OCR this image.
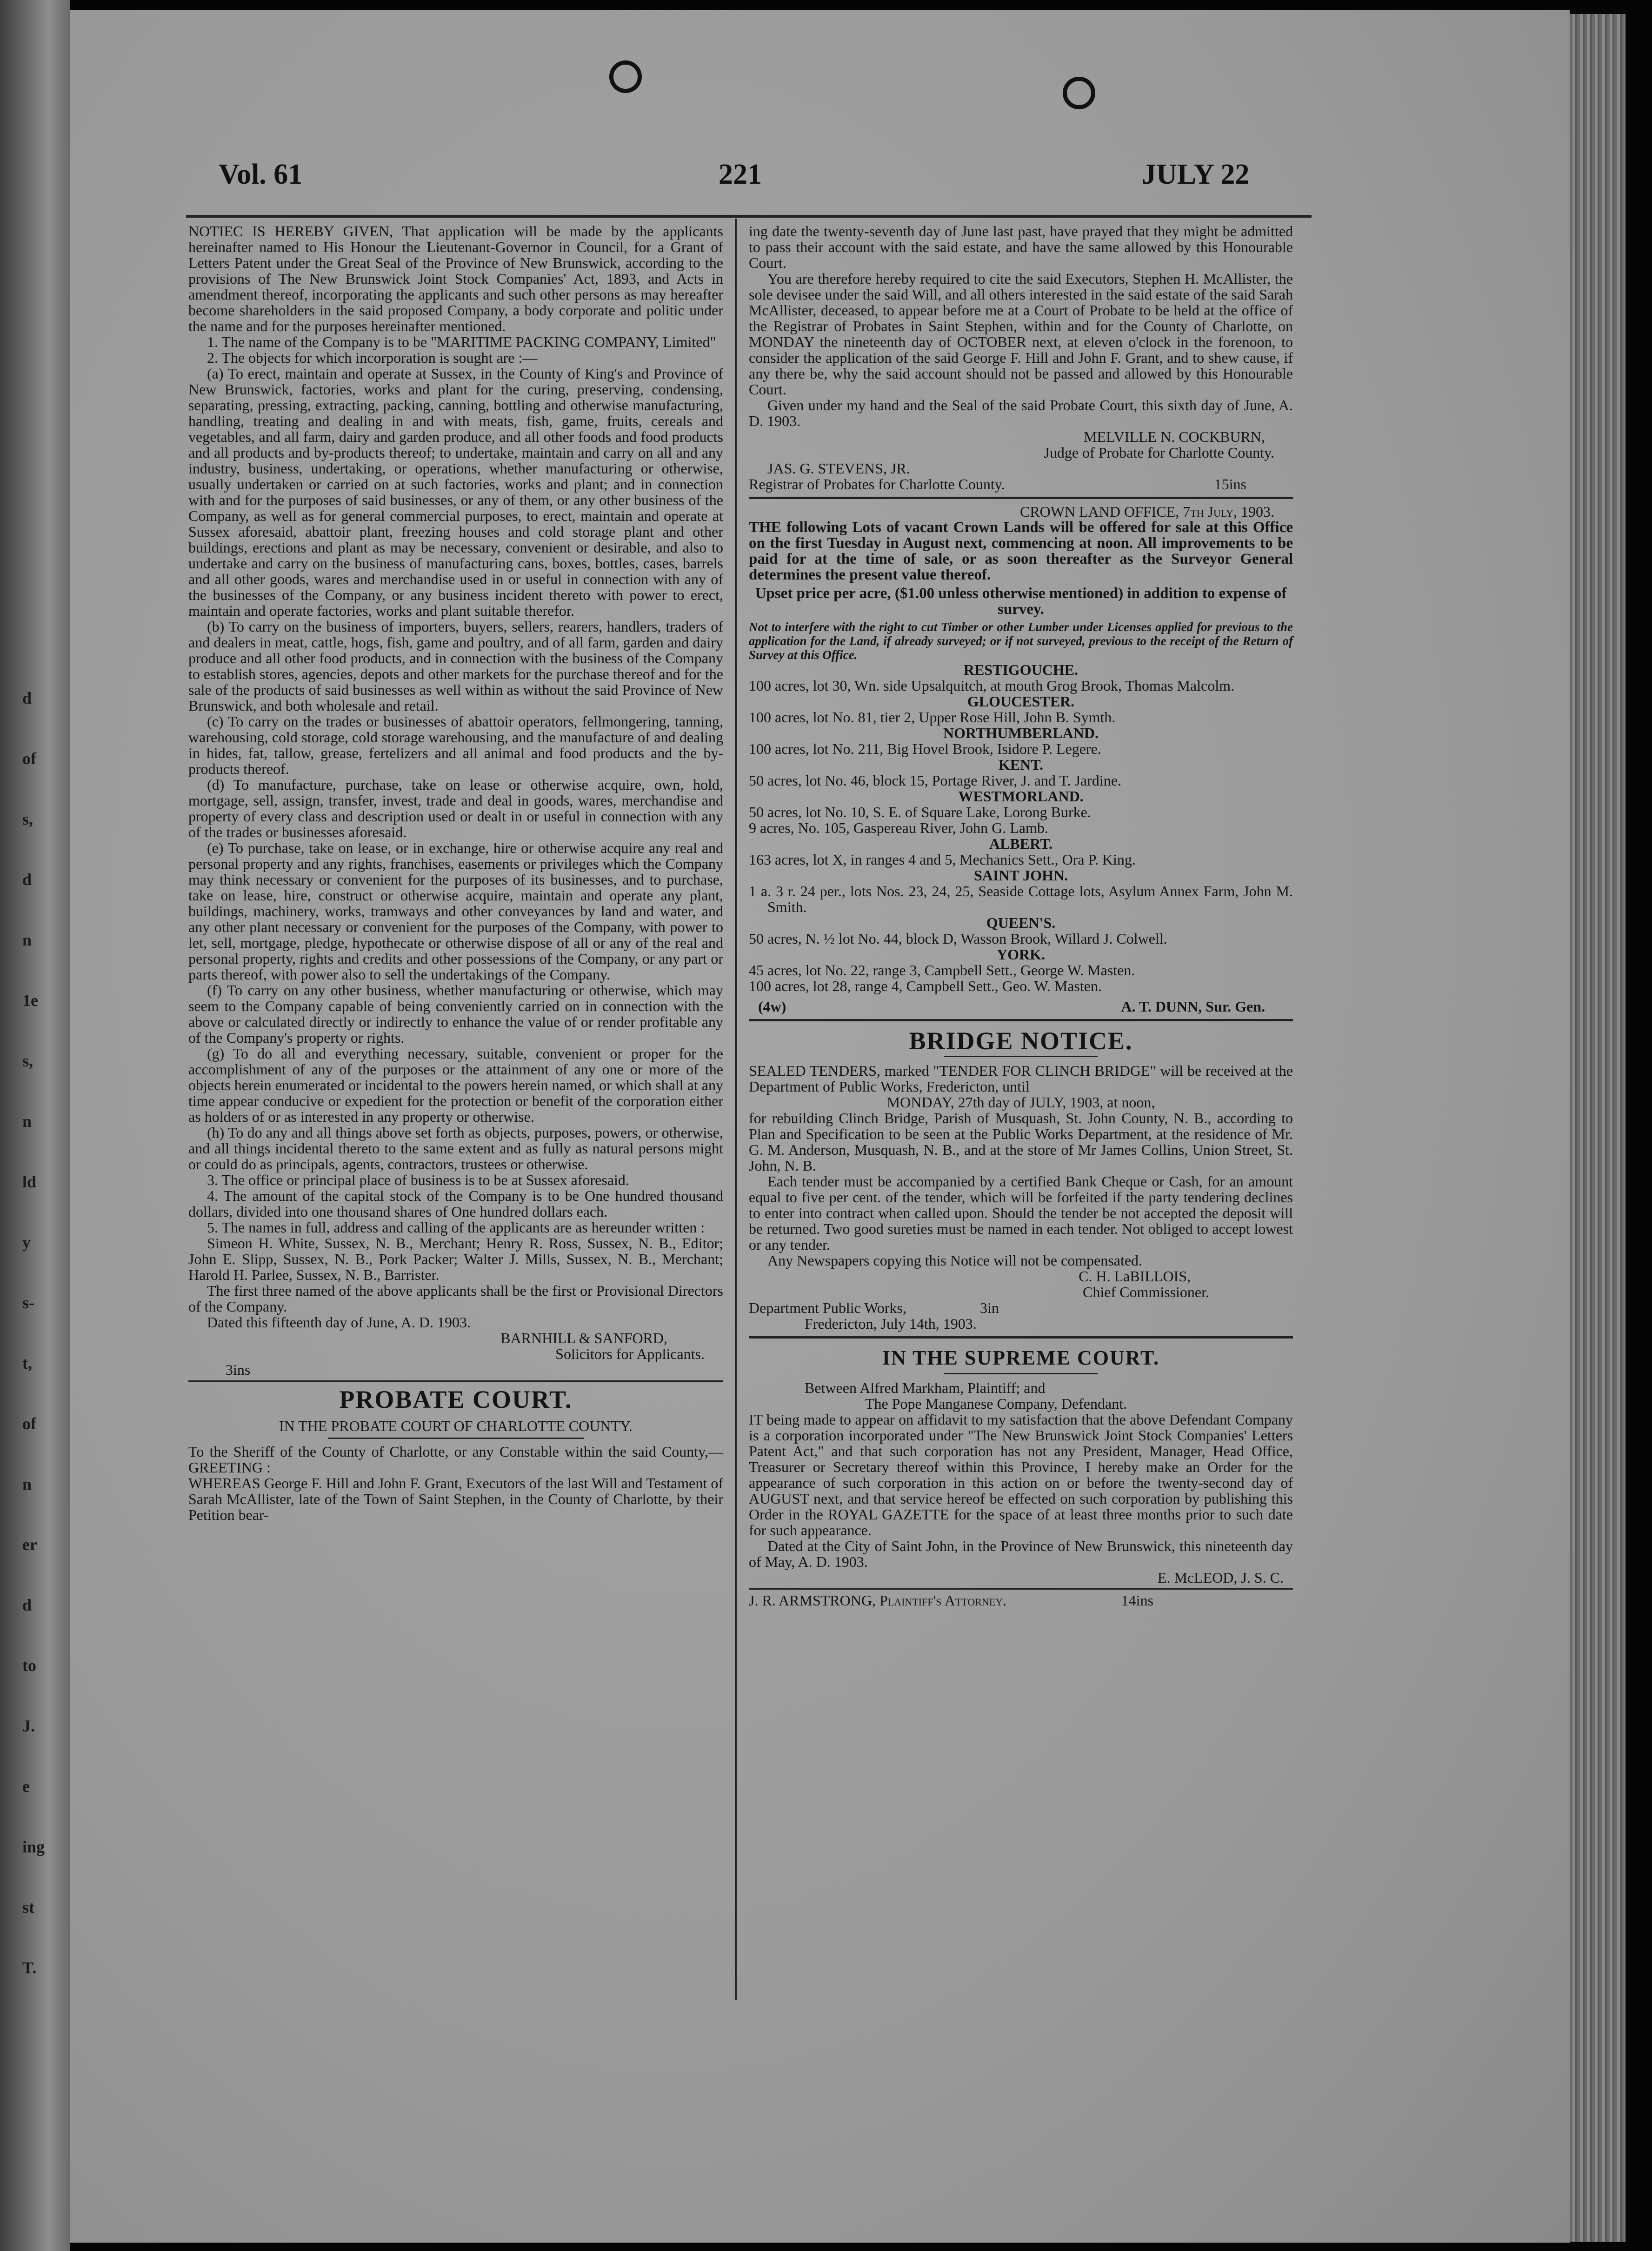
d
of
s,
d
n
1e
s,
n
ld
y
s-
t,
of
n
er
d
to
J.
e
ing
st
T.
Vol. 61	221	JULY 22

NOTIEC IS HEREBY GIVEN, That application will be made by the applicants hereinafter named to His Honour the Lieutenant-Governor in Council, for a Grant of Letters Patent under the Great Seal of the Province of New Brunswick, according to the provisions of The New Brunswick Joint Stock Companies' Act, 1893, and Acts in amendment thereof, incorporating the applicants and such other persons as may hereafter become shareholders in the said proposed Company, a body corporate and politic under the name and for the purposes hereinafter mentioned.

1. The name of the Company is to be "MARITIME PACKING COMPANY, Limited"

2. The objects for which incorporation is sought are :—

(a) To erect, maintain and operate at Sussex, in the County of King's and Province of New Brunswick, factories, works and plant for the curing, preserving, condensing, separating, pressing, extracting, packing, canning, bottling and otherwise manufacturing, handling, treating and dealing in and with meats, fish, game, fruits, cereals and vegetables, and all farm, dairy and garden produce, and all other foods and food products and all products and by-products thereof; to undertake, maintain and carry on all and any industry, business, undertaking, or operations, whether manufacturing or otherwise, usually undertaken or carried on at such factories, works and plant; and in connection with and for the purposes of said businesses, or any of them, or any other business of the Company, as well as for general commercial purposes, to erect, maintain and operate at Sussex aforesaid, abattoir plant, freezing houses and cold storage plant and other buildings, erections and plant as may be necessary, convenient or desirable, and also to undertake and carry on the business of manufacturing cans, boxes, bottles, cases, barrels and all other goods, wares and merchandise used in or useful in connection with any of the businesses of the Company, or any business incident thereto with power to erect, maintain and operate factories, works and plant suitable therefor.

(b) To carry on the business of importers, buyers, sellers, rearers, handlers, traders of and dealers in meat, cattle, hogs, fish, game and poultry, and of all farm, garden and dairy produce and all other food products, and in connection with the business of the Company to establish stores, agencies, depots and other markets for the purchase thereof and for the sale of the products of said businesses as well within as without the said Province of New Brunswick, and both wholesale and retail.

(c) To carry on the trades or businesses of abattoir operators, fellmongering, tanning, warehousing, cold storage, cold storage warehousing, and the manufacture of and dealing in hides, fat, tallow, grease, fertelizers and all animal and food products and the by-products thereof.

(d) To manufacture, purchase, take on lease or otherwise acquire, own, hold, mortgage, sell, assign, transfer, invest, trade and deal in goods, wares, merchandise and property of every class and description used or dealt in or useful in connection with any of the trades or businesses aforesaid.

(e) To purchase, take on lease, or in exchange, hire or otherwise acquire any real and personal property and any rights, franchises, easements or privileges which the Company may think necessary or convenient for the purposes of its businesses, and to purchase, take on lease, hire, construct or otherwise acquire, maintain and operate any plant, buildings, machinery, works, tramways and other conveyances by land and water, and any other plant necessary or convenient for the purposes of the Company, with power to let, sell, mortgage, pledge, hypothecate or otherwise dispose of all or any of the real and personal property, rights and credits and other possessions of the Company, or any part or parts thereof, with power also to sell the undertakings of the Company.

(f) To carry on any other business, whether manufacturing or otherwise, which may seem to the Company capable of being conveniently carried on in connection with the above or calculated directly or indirectly to enhance the value of or render profitable any of the Company's property or rights.

(g) To do all and everything necessary, suitable, convenient or proper for the accomplishment of any of the purposes or the attainment of any one or more of the objects herein enumerated or incidental to the powers herein named, or which shall at any time appear conducive or expedient for the protection or benefit of the corporation either as holders of or as interested in any property or otherwise.

(h) To do any and all things above set forth as objects, purposes, powers, or otherwise, and all things incidental thereto to the same extent and as fully as natural persons might or could do as principals, agents, contractors, trustees or otherwise.

3. The office or principal place of business is to be at Sussex aforesaid.

4. The amount of the capital stock of the Company is to be One hundred thousand dollars, divided into one thousand shares of One hundred dollars each.

5. The names in full, address and calling of the applicants are as hereunder written :

Simeon H. White, Sussex, N. B., Merchant; Henry R. Ross, Sussex, N. B., Editor; John E. Slipp, Sussex, N. B., Pork Packer; Walter J. Mills, Sussex, N. B., Merchant; Harold H. Parlee, Sussex, N. B., Barrister.

The first three named of the above applicants shall be the first or Provisional Directors of the Company.

Dated this fifteenth day of June, A. D. 1903.

BARNHILL & SANFORD,

Solicitors for Applicants.

3ins

PROBATE COURT.

IN THE PROBATE COURT OF CHARLOTTE COUNTY.

To the Sheriff of the County of Charlotte, or any Constable within the said County,—GREETING :

WHEREAS George F. Hill and John F. Grant, Executors of the last Will and Testament of Sarah McAllister, late of the Town of Saint Stephen, in the County of Charlotte, by their Petition bear-

ing date the twenty-seventh day of June last past, have prayed that they might be admitted to pass their account with the said estate, and have the same allowed by this Honourable Court.

You are therefore hereby required to cite the said Executors, Stephen H. McAllister, the sole devisee under the said Will, and all others interested in the said estate of the said Sarah McAllister, deceased, to appear before me at a Court of Probate to be held at the office of the Registrar of Probates in Saint Stephen, within and for the County of Charlotte, on MONDAY the nineteenth day of OCTOBER next, at eleven o'clock in the forenoon, to consider the application of the said George F. Hill and John F. Grant, and to shew cause, if any there be, why the said account should not be passed and allowed by this Honourable Court.

Given under my hand and the Seal of the said Probate Court, this sixth day of June, A. D. 1903.

MELVILLE N. COCKBURN,

Judge of Probate for Charlotte County.

JAS. G. STEVENS, JR.

Registrar of Probates for Charlotte County.	15ins

CROWN LAND OFFICE, 7th July, 1903.

THE following Lots of vacant Crown Lands will be offered for sale at this Office on the first Tuesday in August next, commencing at noon. All improvements to be paid for at the time of sale, or as soon thereafter as the Surveyor General determines the present value thereof.

Upset price per acre, ($1.00 unless otherwise mentioned) in addition to expense of survey.

Not to interfere with the right to cut Timber or other Lumber under Licenses applied for previous to the application for the Land, if already surveyed; or if not surveyed, previous to the receipt of the Return of Survey at this Office.

RESTIGOUCHE.

100 acres, lot 30, Wn. side Upsalquitch, at mouth Grog Brook, Thomas Malcolm.

GLOUCESTER.

100 acres, lot No. 81, tier 2, Upper Rose Hill, John B. Symth.

NORTHUMBERLAND.

100 acres, lot No. 211, Big Hovel Brook, Isidore P. Legere.

KENT.

50 acres, lot No. 46, block 15, Portage River, J. and T. Jardine.

WESTMORLAND.

50 acres, lot No. 10, S. E. of Square Lake, Lorong Burke.

9 acres, No. 105, Gaspereau River, John G. Lamb.

ALBERT.

163 acres, lot X, in ranges 4 and 5, Mechanics Sett., Ora P. King.

SAINT JOHN.

1 a. 3 r. 24 per., lots Nos. 23, 24, 25, Seaside Cottage lots, Asylum Annex Farm, John M. Smith.

QUEEN'S.

50 acres, N. ½ lot No. 44, block D, Wasson Brook, Willard J. Colwell.

YORK.

45 acres, lot No. 22, range 3, Campbell Sett., George W. Masten.

100 acres, lot 28, range 4, Campbell Sett., Geo. W. Masten.

(4w)	A. T. DUNN, Sur. Gen.

BRIDGE NOTICE.

SEALED TENDERS, marked "TENDER FOR CLINCH BRIDGE" will be received at the Department of Public Works, Fredericton, until

MONDAY, 27th day of JULY, 1903, at noon,

for rebuilding Clinch Bridge, Parish of Musquash, St. John County, N. B., according to Plan and Specification to be seen at the Public Works Department, at the residence of Mr. G. M. Anderson, Musquash, N. B., and at the store of Mr James Collins, Union Street, St. John, N. B.

Each tender must be accompanied by a certified Bank Cheque or Cash, for an amount equal to five per cent. of the tender, which will be forfeited if the party tendering declines to enter into contract when called upon. Should the tender be not accepted the deposit will be returned. Two good sureties must be named in each tender. Not obliged to accept lowest or any tender.

Any Newspapers copying this Notice will not be compensated.

C. H. LaBILLOIS,

Chief Commissioner.

Department Public Works,	3in

Fredericton, July 14th, 1903.

IN THE SUPREME COURT.

Between Alfred Markham, Plaintiff; and

The Pope Manganese Company, Defendant.

IT being made to appear on affidavit to my satisfaction that the above Defendant Company is a corporation incorporated under "The New Brunswick Joint Stock Companies' Letters Patent Act," and that such corporation has not any President, Manager, Head Office, Treasurer or Secretary thereof within this Province, I hereby make an Order for the appearance of such corporation in this action on or before the twenty-second day of AUGUST next, and that service hereof be effected on such corporation by publishing this Order in the ROYAL GAZETTE for the space of at least three months prior to such date for such appearance.

Dated at the City of Saint John, in the Province of New Brunswick, this nineteenth day of May, A. D. 1903.

E. McLEOD, J. S. C.

J. R. ARMSTRONG, Plaintiff's Attorney.	14ins
